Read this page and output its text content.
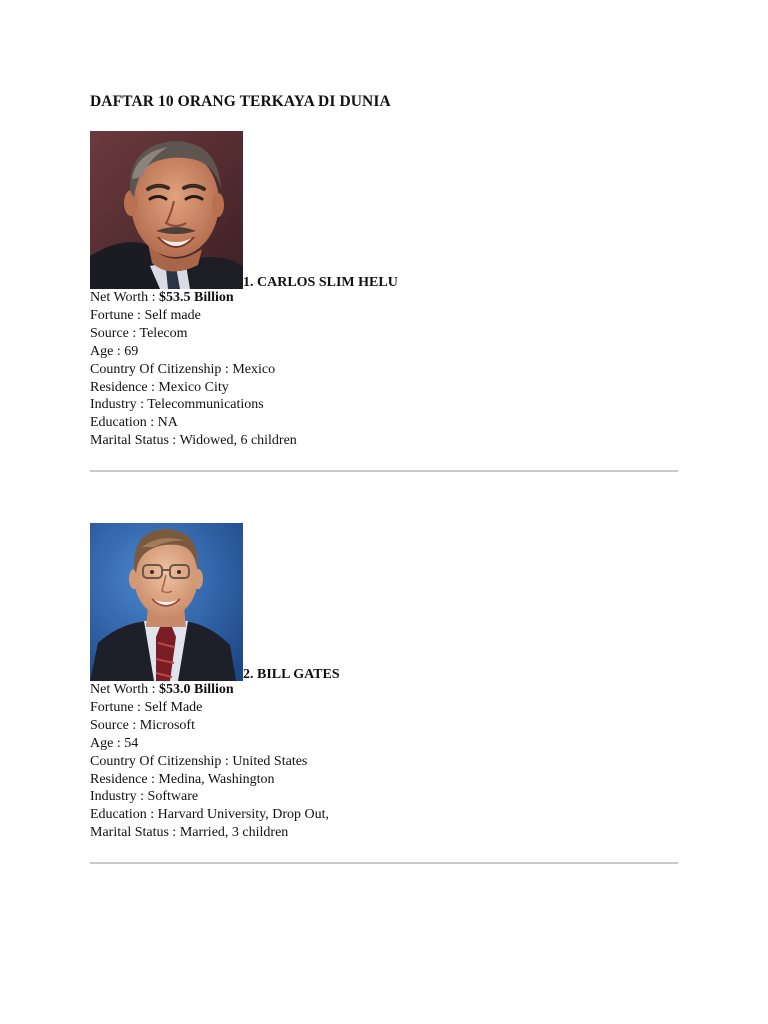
DAFTAR 10 ORANG TERKAYA DI DUNIA
1. CARLOS SLIM HELU
Net Worth : $53.5 Billion
Fortune : Self made
Source : Telecom
Age : 69
Country Of Citizenship : Mexico
Residence : Mexico City
Industry : Telecommunications
Education : NA
Marital Status : Widowed, 6 children
2. BILL GATES
Net Worth : $53.0 Billion
Fortune : Self Made
Source : Microsoft
Age : 54
Country Of Citizenship : United States
Residence : Medina, Washington
Industry : Software
Education : Harvard University, Drop Out,
Marital Status : Married, 3 children
